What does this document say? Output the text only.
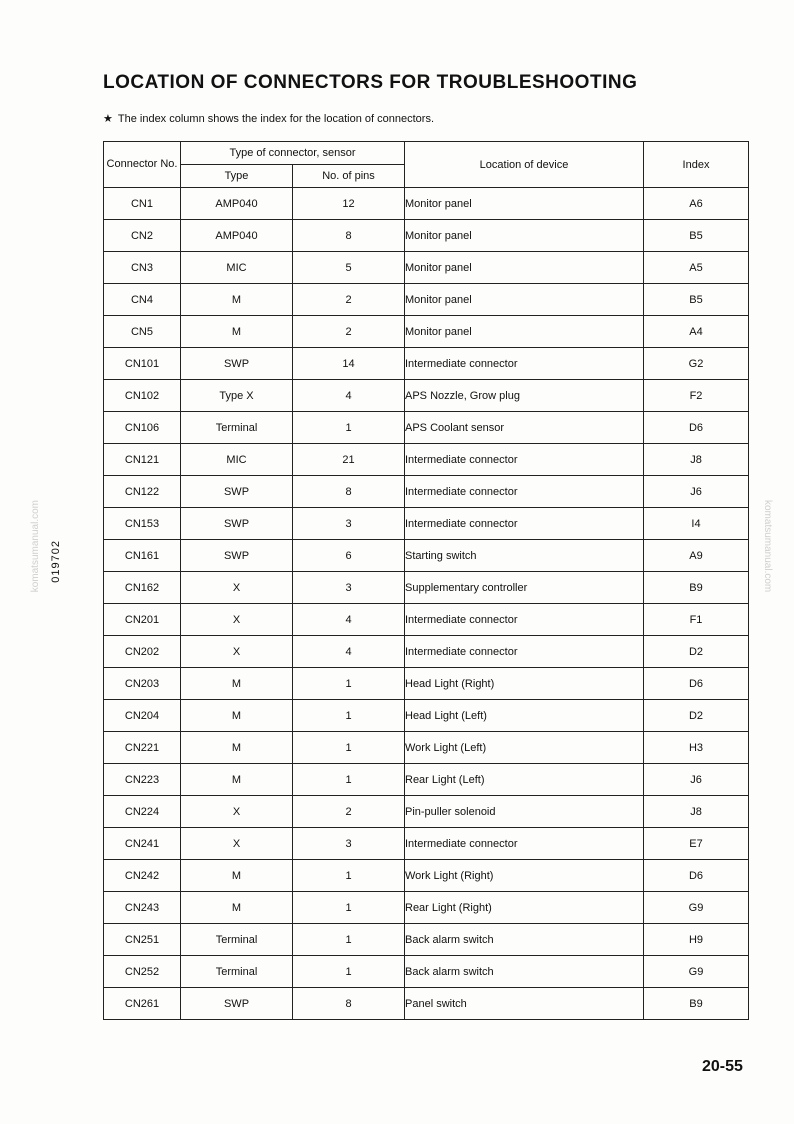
LOCATION OF CONNECTORS FOR TROUBLESHOOTING
★ The index column shows the index for the location of connectors.
Connector No.	Type of connector, sensor		Location of device	Index
	Type	No. of pins		
CN1	AMP040	12	Monitor panel	A6
CN2	AMP040	8	Monitor panel	B5
CN3	MIC	5	Monitor panel	A5
CN4	M	2	Monitor panel	B5
CN5	M	2	Monitor panel	A4
CN101	SWP	14	Intermediate connector	G2
CN102	Type X	4	APS Nozzle, Grow plug	F2
CN106	Terminal	1	APS Coolant sensor	D6
CN121	MIC	21	Intermediate connector	J8
CN122	SWP	8	Intermediate connector	J6
CN153	SWP	3	Intermediate connector	I4
CN161	SWP	6	Starting switch	A9
CN162	X	3	Supplementary controller	B9
CN201	X	4	Intermediate connector	F1
CN202	X	4	Intermediate connector	D2
CN203	M	1	Head Light (Right)	D6
CN204	M	1	Head Light (Left)	D2
CN221	M	1	Work Light (Left)	H3
CN223	M	1	Rear Light (Left)	J6
CN224	X	2	Pin-puller solenoid	J8
CN241	X	3	Intermediate connector	E7
CN242	M	1	Work Light (Right)	D6
CN243	M	1	Rear Light (Right)	G9
CN251	Terminal	1	Back alarm switch	H9
CN252	Terminal	1	Back alarm switch	G9
CN261	SWP	8	Panel switch	B9
komatsumanual.com 019702	komatsumanual.com
20-55
